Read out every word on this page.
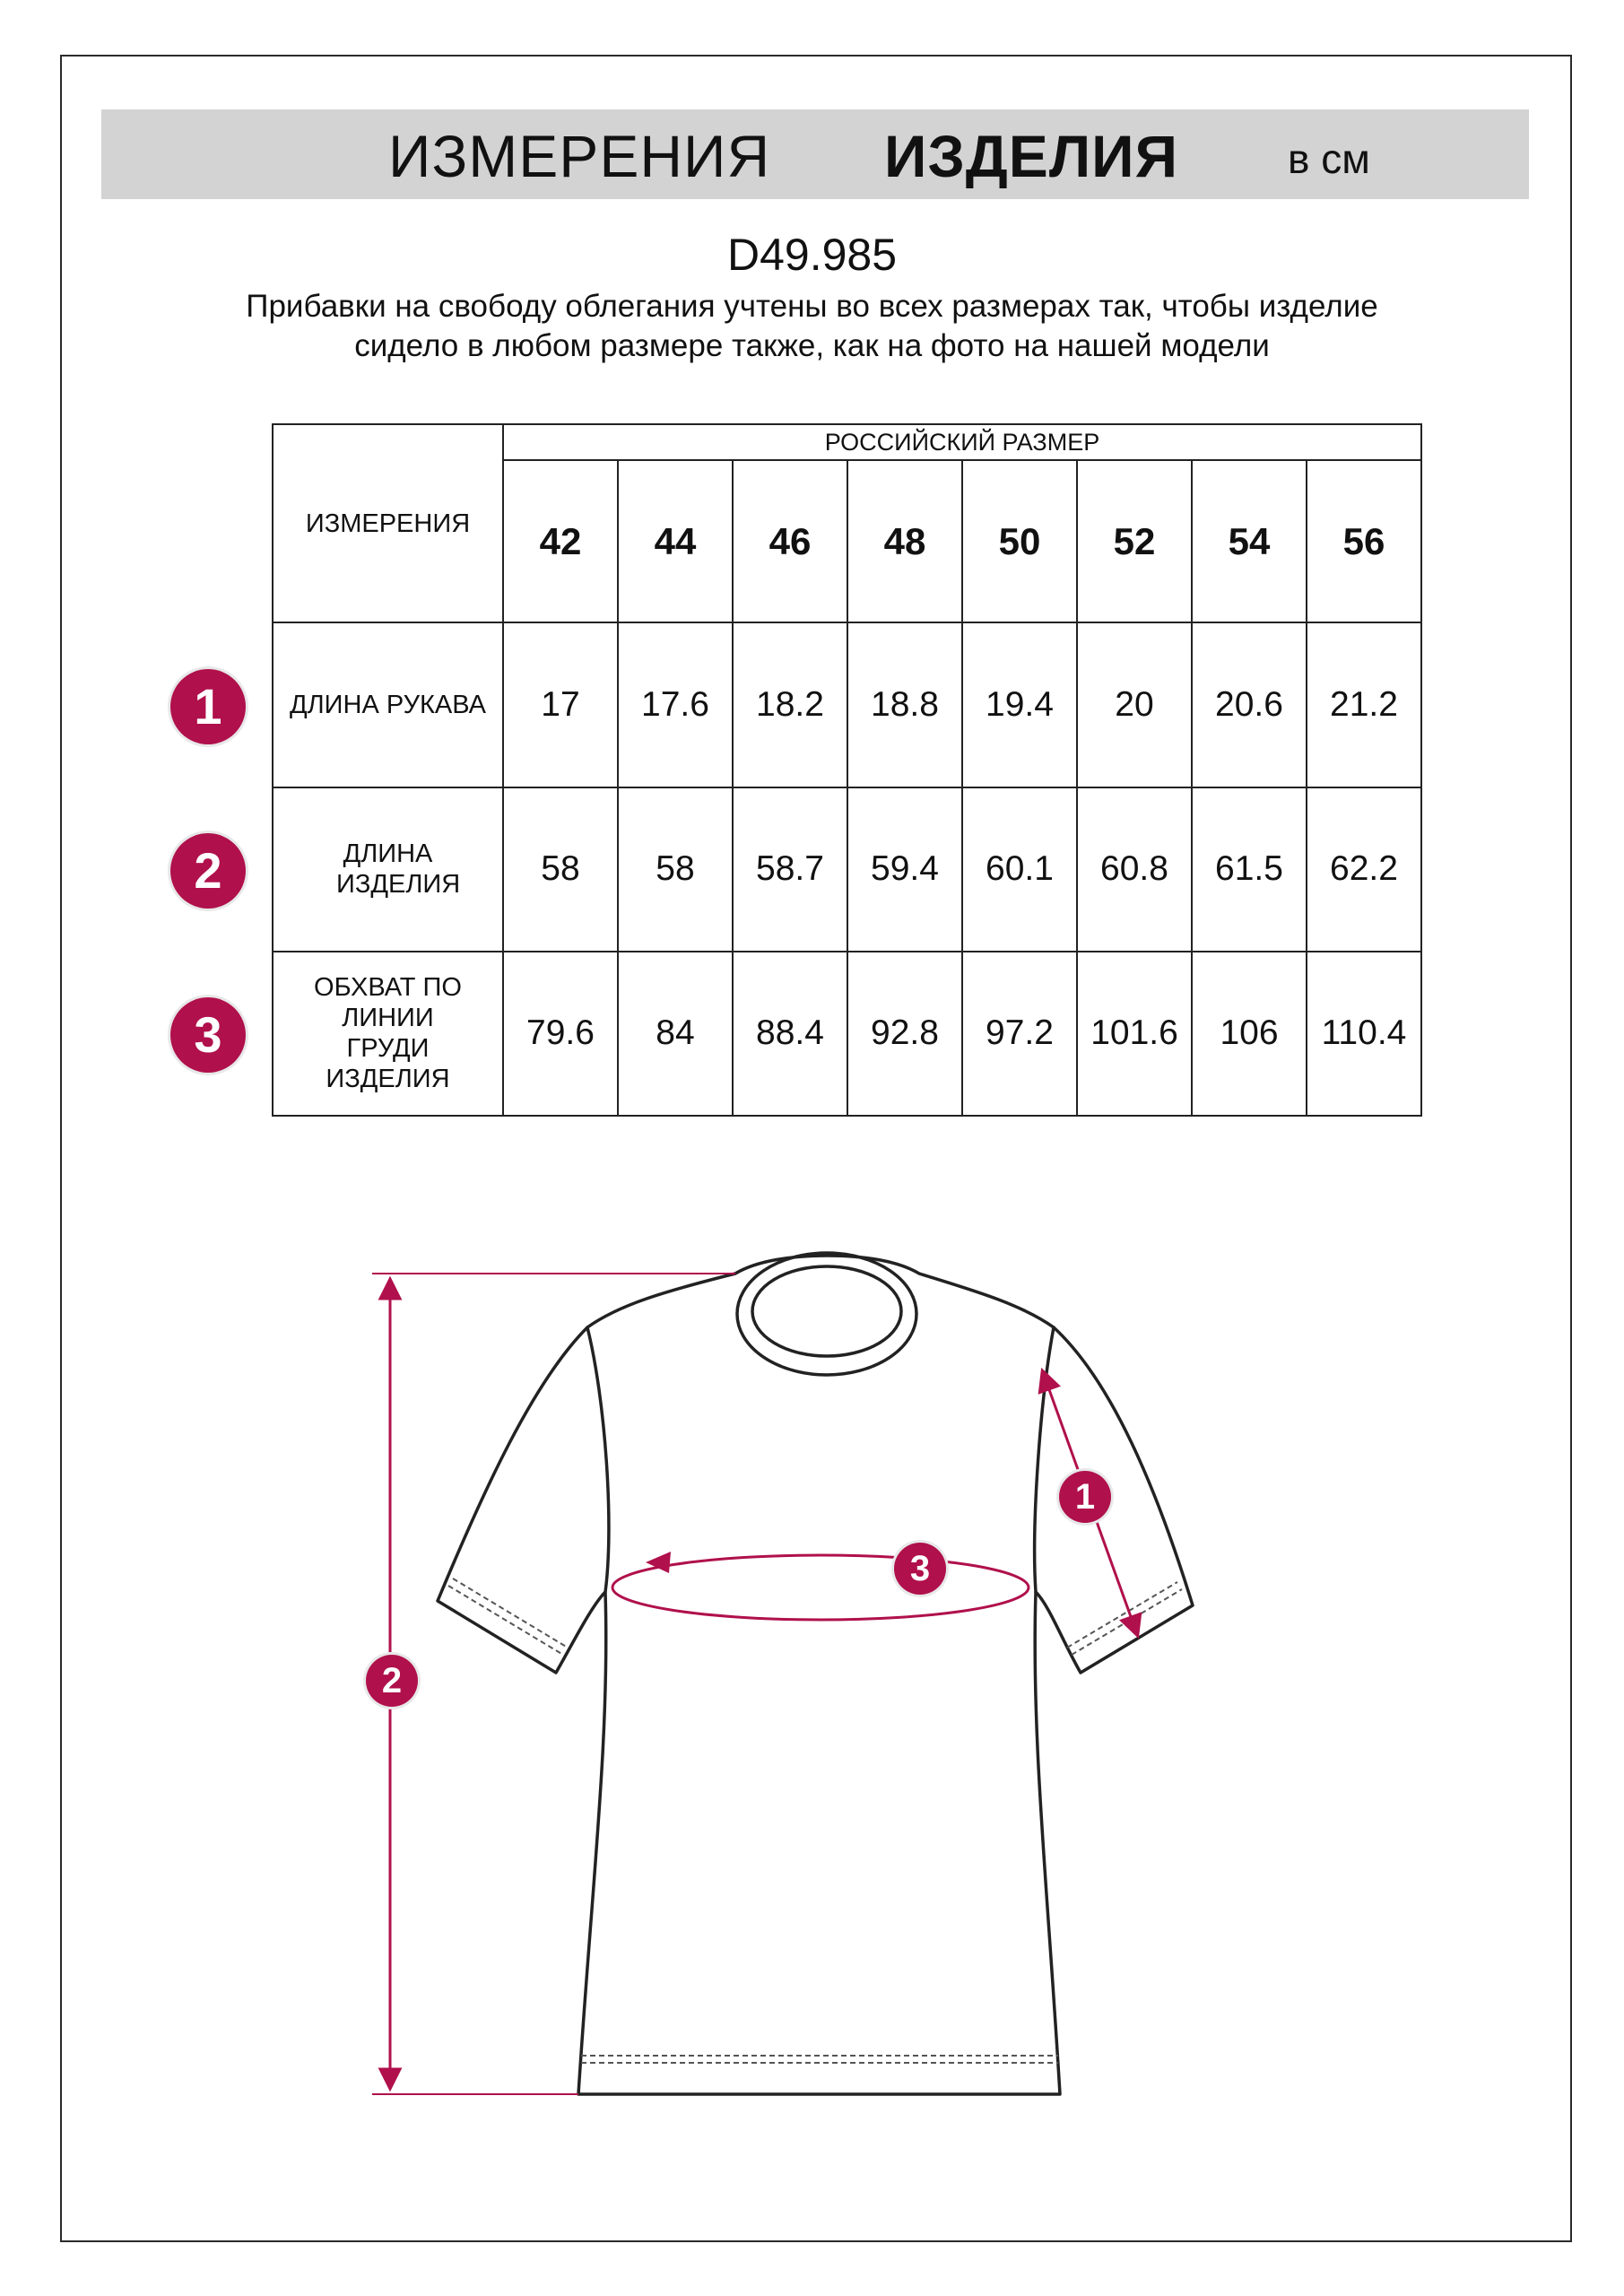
ИЗМЕРЕНИЯ ИЗДЕЛИЯ	в см
D49.985
Прибавки на свободу облегания учтены во всех размерах так, чтобы изделие сидело в любом размере также, как на фото на нашей модели
ИЗМЕРЕНИЯ	РОССИЙСКИЙ РАЗМЕР							
	42	44	46	48	50	52	54	56
ДЛИНА РУКАВА	17	17.6	18.2	18.8	19.4	20	20.6	21.2
ДЛИНА ИЗДЕЛИЯ	58	58	58.7	59.4	60.1	60.8	61.5	62.2
ОБХВАТ ПО ЛИНИИ ГРУДИ ИЗДЕЛИЯ	79.6	84	88.4	92.8	97.2	101.6	106	110.4
1
2
3
2
1
3
